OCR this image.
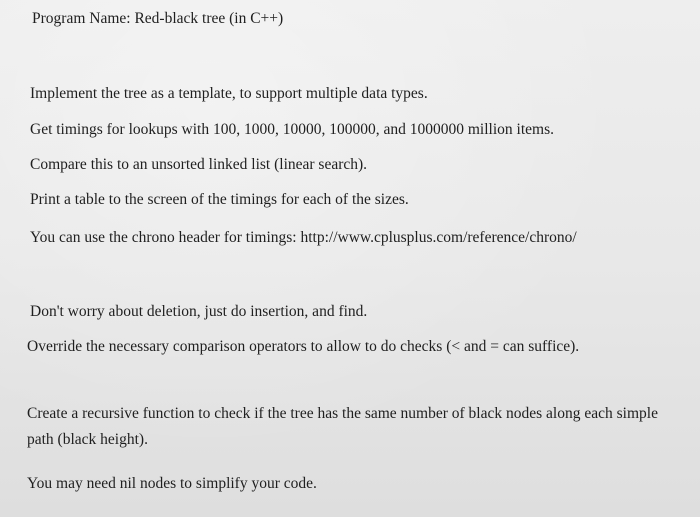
Program Name: Red-black tree (in C++)
Implement the tree as a template, to support multiple data types.
Get timings for lookups with 100, 1000, 10000, 100000, and 1000000 million items.
Compare this to an unsorted linked list (linear search).
Print a table to the screen of the timings for each of the sizes.
You can use the chrono header for timings: http://www.cplusplus.com/reference/chrono/
Don't worry about deletion, just do insertion, and find.
Override the necessary comparison operators to allow to do checks (< and = can suffice).
Create a recursive function to check if the tree has the same number of black nodes along each simple path (black height).
You may need nil nodes to simplify your code.
